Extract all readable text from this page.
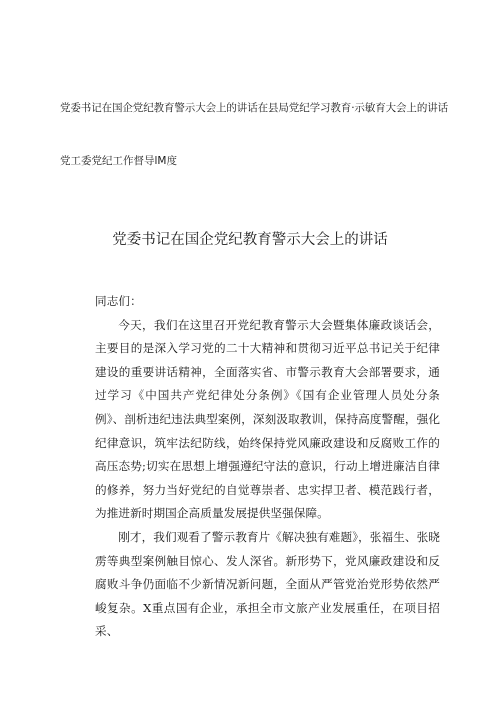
党委书记在国企党纪教育警示大会上的讲话在县局党纪学习教育·示敏育大会上的讲话

党工委党纪工作督导lM度

党委书记在国企党纪教育警示大会上的讲话

同志们：

今天，我们在这里召开党纪教育警示大会暨集体廉政谈话会，主要目的是深入学习党的二十大精神和贯彻习近平总书记关于纪律建设的重要讲话精神，全面落实省、市警示教育大会部署要求，通过学习《中国共产党纪律处分条例》《国有企业管理人员处分条例》、剖析违纪违法典型案例，深刻汲取教训，保持高度警醒，强化纪律意识，筑牢法纪防线，始终保持党风廉政建设和反腐败工作的高压态势;切实在思想上增强遵纪守法的意识，行动上增进廉洁自律的修养，努力当好党纪的自觉尊崇者、忠实捍卫者、模范践行者，为推进新时期国企高质量发展提供坚强保障。

刚才，我们观看了警示教育片《解决独有难题》，张福生、张晓雳等典型案例触目惊心、发人深省。新形势下，党风廉政建设和反腐败斗争仍面临不少新情况新问题，全面从严管党治党形势依然严峻复杂。X重点国有企业，承担全市文旅产业发展重任，在项目招采、
